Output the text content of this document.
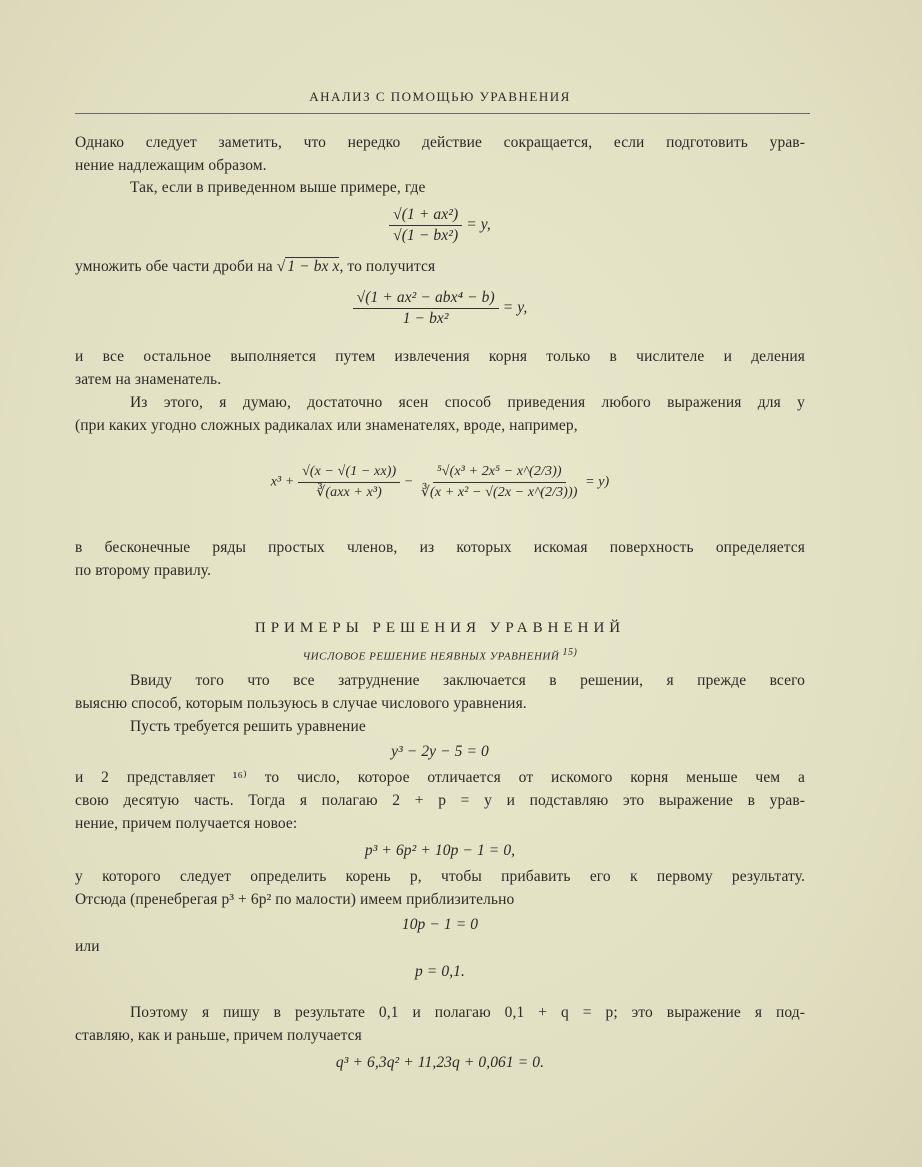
АНАЛИЗ С ПОМОЩЬЮ УРАВНЕНИЯ
Однако следует заметить, что нередко действие сокращается, если подготовить урав-
нение надлежащим образом.
Так, если в приведенном выше примере, где
$\frac{\text{√(1 + ax²)}}{\text{√(1 − bx²)}} = y$,
умножить обе части дроби на √ 1 − bx x, то получится
$\frac{\text{√(1 + ax² − abx⁴ − b)}}{\text{1 − bx²}} = y$,
и все остальное выполняется путем извлечения корня только в числителе и деления
затем на знаменатель.
Из этого, я думаю, достаточно ясен способ приведения любого выражения для y
(при каких угодно сложных радикалах или знаменателях, вроде, например,
$x^3 + \frac{√(x - √(1 - xx))}{\text{∛(axx + x³)}} - \frac{\text{⁵√(x³ + 2x⁵ − x\textasciicircum{}(2/3))}}{\text{∛(x + x² − √(2x − x\textasciicircum{}(2/3)))}} = y$)
в бесконечные ряды простых членов, из которых искомая поверхность определяется
по второму правилу.
ПРИМЕРЫ РЕШЕНИЯ УРАВНЕНИЙ
ЧИСЛОВОЕ РЕШЕНИЕ НЕЯВНЫХ УРАВНЕНИЙ $^{15)}$
Ввиду того что все затруднение заключается в решении, я прежде всего
выясню способ, которым пользуюсь в случае числового уравнения.
Пусть требуется решить уравнение
y³ − 2y − 5 = 0
и 2 представляет ¹⁶⁾ то число, которое отличается от искомого корня меньше чем а
свою десятую часть. Тогда я полагаю 2 + p = y и подставляю это выражение в урав-
нение, причем получается новое:
p³ + 6p² + 10p − 1 = 0,
у которого следует определить корень p, чтобы прибавить его к первому результату.
Отсюда (пренебрегая p³ + 6p² по малости) имеем приблизительно
10p − 1 = 0
или
p = 0,1.
Поэтому я пишу в результате 0,1 и полагаю 0,1 + q = p; это выражение я под-
ставляю, как и раньше, причем получается
q³ + 6,3q² + 11,23q + 0,061 = 0.
